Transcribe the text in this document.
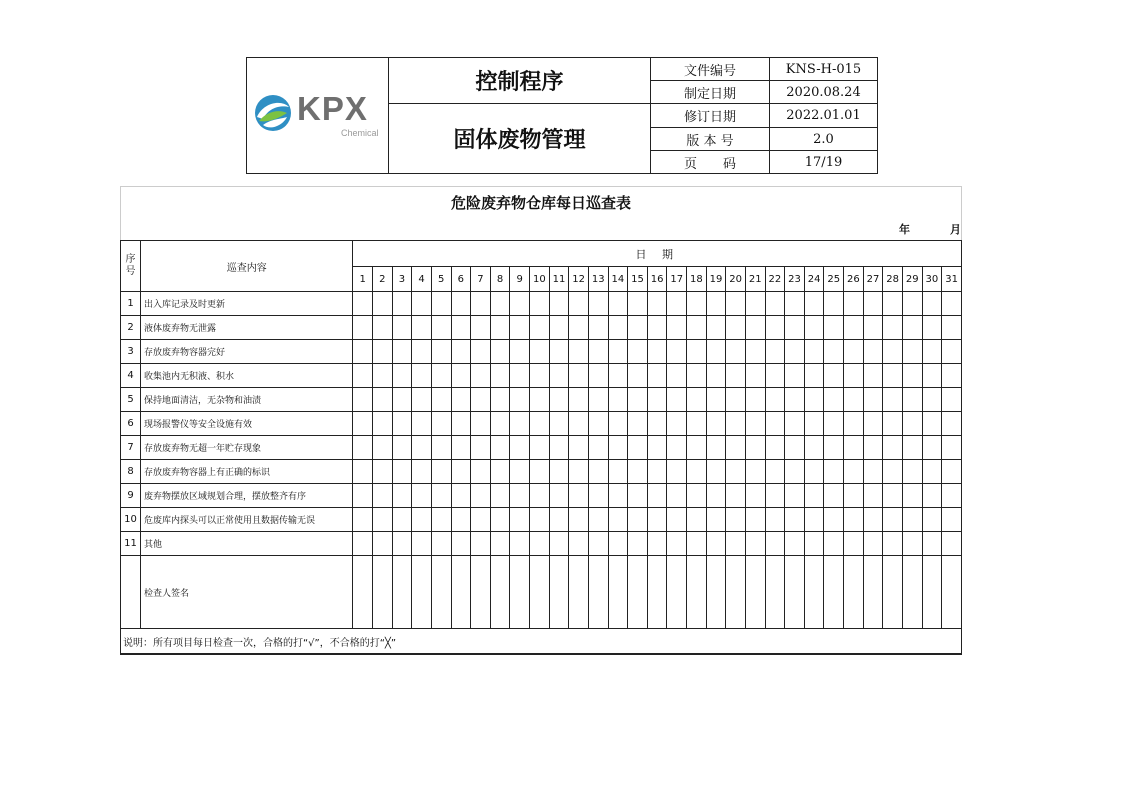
KPX
Chemical	控制程序	文件编号	KNS-H-015
		制定日期	2020.08.24
	固体废物管理	修订日期	2022.01.01
		版 本 号	2.0
		页　　码	17/19
危险废弃物仓库每日巡查表																																
年 月																																
序号	巡查内容	日 期																														
		1	2	3	4	5	6	7	8	9	10	11	12	13	14	15	16	17	18	19	20	21	22	23	24	25	26	27	28	29	30	31
1	出入库记录及时更新																															
2	液体废弃物无泄露																															
3	存放废弃物容器完好																															
4	收集池内无积液、积水																															
5	保持地面清洁，无杂物和油渍																															
6	现场报警仪等安全设施有效																															
7	存放废弃物无超一年贮存现象																															
8	存放废弃物容器上有正确的标识																															
9	废弃物摆放区域规划合理，摆放整齐有序																															
10	危废库内探头可以正常使用且数据传输无误																															
11	其他																															
	检查人签名																															
说明：所有项目每日检查一次，合格的打“√”，不合格的打“╳”																																
